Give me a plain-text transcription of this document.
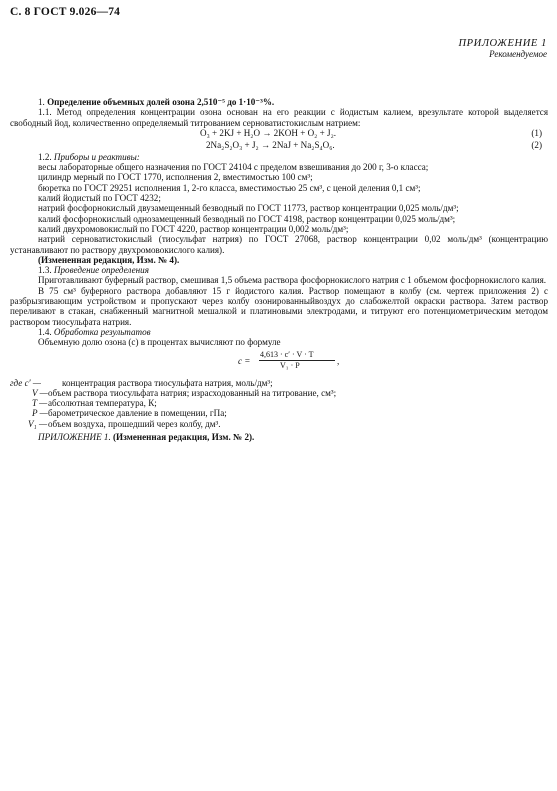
С. 8 ГОСТ 9.026—74
ПРИЛОЖЕНИЕ 1
Рекомендуемое

1. Определение объемных долей озона 2,510⁻⁵ до 1·10⁻³%.

1.1. Метод определения концентрации озона основан на его реакции с йодистым калием, врезультате которой выделяется свободный йод, количественно определяемый титрованием серноватистокислым натрием:

O₃ + 2KJ + H₂O → 2KOH + O₂ + J₂.	(1)
2Na₂S₂O₃ + J₂ → 2NaJ + Na₂S₄O₆.	(2)

1.2. Приборы и реактивы:

весы лабораторные общего назначения по ГОСТ 24104 с пределом взвешивания до 200 г, 3-о класса;

цилиндр мерный по ГОСТ 1770, исполнения 2, вместимостью 100 см³;

бюретка по ГОСТ 29251 исполнения 1, 2-го класса, вместимостью 25 см³, с ценой деления 0,1 см³;

калий йодистый по ГОСТ 4232;

натрий фосфорнокислый двузамещенный безводный по ГОСТ 11773, раствор концентрации 0,025 моль/дм³;

калий фосфорнокислый однозамещенный безводный по ГОСТ 4198, раствор концентрации 0,025 моль/дм³;

калий двухромовокислый по ГОСТ 4220, раствор концентрации 0,002 моль/дм³;

натрий серноватистокислый (тиосульфат натрия) по ГОСТ 27068, раствор концентрации 0,02 моль/дм³ (концентрацию устанавливают по раствору двухромовокислого калия).

(Измененная редакция, Изм. № 4).

1.3. Проведение определения

Приготавливают буферный раствор, смешивая 1,5 объема раствора фосфорнокислого натрия с 1 объемом фосфорнокислого калия.

В 75 см³ буферного раствора добавляют 15 г йодистого калия. Раствор помещают в колбу (см. чертеж приложения 2) с разбрызгивающим устройством и пропускают через колбу озонированныйвоздух до слабожелтой окраски раствора. Затем раствор переливают в стакан, снабженный магнитной мешалкой и платиновыми электродами, и титруют его потенциометрическим методом раствором тиосульфата натрия.

1.4. Обработка результатов

Объемную долю озона (c) в процентах вычисляют по формуле

c =
4,613 · c′ · V · T
V₁ · P	,
где c′ — концентрация раствора тиосульфата натрия, моль/дм³;
V — объем раствора тиосульфата натрия; израсходованный на титрование, см³;
T — абсолютная температура, К;
P — барометрическое давление в помещении, гПа;
V₁ — объем воздуха, прошедший через колбу, дм³.

ПРИЛОЖЕНИЕ 1. (Измененная редакция, Изм. № 2).
